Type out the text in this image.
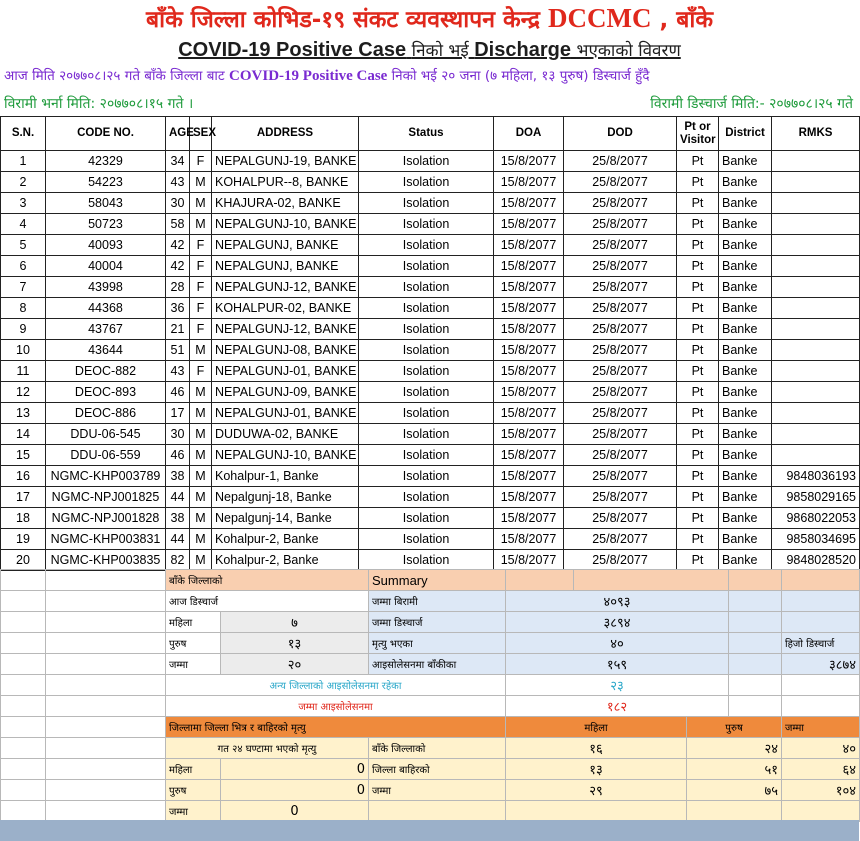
बाँके जिल्ला कोभिड-१९ संकट व्यवस्थापन केन्द्र DCCMC , बाँके
COVID-19 Positive Case निको भई Discharge भएकाको विवरण
आज मिति २०७७०८।२५ गते बाँके जिल्ला बाट COVID-19 Positive Case निको भई २० जना (७ महिला, १३ पुरुष) डिस्चार्ज हुँदै
विरामी भर्ना मिति: २०७७०८।१५ गते ।	विरामी डिस्चार्ज मिति:- २०७७०८।२५ गते
S.N.	CODE NO.	AGE	SEX	ADDRESS	Status	DOA	DOD	Pt or Visitor	District	RMKS
1	42329	34	F	NEPALGUNJ-19, BANKE	Isolation	15/8/2077	25/8/2077	Pt	Banke	
2	54223	43	M	KOHALPUR--8, BANKE	Isolation	15/8/2077	25/8/2077	Pt	Banke	
3	58043	30	M	KHAJURA-02, BANKE	Isolation	15/8/2077	25/8/2077	Pt	Banke	
4	50723	58	M	NEPALGUNJ-10, BANKE	Isolation	15/8/2077	25/8/2077	Pt	Banke	
5	40093	42	F	NEPALGUNJ, BANKE	Isolation	15/8/2077	25/8/2077	Pt	Banke	
6	40004	42	F	NEPALGUNJ, BANKE	Isolation	15/8/2077	25/8/2077	Pt	Banke	
7	43998	28	F	NEPALGUNJ-12, BANKE	Isolation	15/8/2077	25/8/2077	Pt	Banke	
8	44368	36	F	KOHALPUR-02, BANKE	Isolation	15/8/2077	25/8/2077	Pt	Banke	
9	43767	21	F	NEPALGUNJ-12, BANKE	Isolation	15/8/2077	25/8/2077	Pt	Banke	
10	43644	51	M	NEPALGUNJ-08, BANKE	Isolation	15/8/2077	25/8/2077	Pt	Banke	
11	DEOC-882	43	F	NEPALGUNJ-01, BANKE	Isolation	15/8/2077	25/8/2077	Pt	Banke	
12	DEOC-893	46	M	NEPALGUNJ-09, BANKE	Isolation	15/8/2077	25/8/2077	Pt	Banke	
13	DEOC-886	17	M	NEPALGUNJ-01, BANKE	Isolation	15/8/2077	25/8/2077	Pt	Banke	
14	DDU-06-545	30	M	DUDUWA-02, BANKE	Isolation	15/8/2077	25/8/2077	Pt	Banke	
15	DDU-06-559	46	M	NEPALGUNJ-10, BANKE	Isolation	15/8/2077	25/8/2077	Pt	Banke	
16	NGMC-KHP003789	38	M	Kohalpur-1, Banke	Isolation	15/8/2077	25/8/2077	Pt	Banke	9848036193
17	NGMC-NPJ001825	44	M	Nepalgunj-18, Banke	Isolation	15/8/2077	25/8/2077	Pt	Banke	9858029165
18	NGMC-NPJ001828	38	M	Nepalgunj-14, Banke	Isolation	15/8/2077	25/8/2077	Pt	Banke	9868022053
19	NGMC-KHP003831	44	M	Kohalpur-2, Banke	Isolation	15/8/2077	25/8/2077	Pt	Banke	9858034695
20	NGMC-KHP003835	82	M	Kohalpur-2, Banke	Isolation	15/8/2077	25/8/2077	Pt	Banke	9848028520
		बाँके जिल्लाको		Summary					
		आज डिस्चार्ज		जम्मा बिरामी	४०९३				
		महिला	७	जम्मा डिस्चार्ज	३८९४				
		पुरुष	१३	मृत्यु भएका	४०				हिजो डिस्चार्ज
		जम्मा	२०	आइसोलेसनमा बाँकीका	१५९				३८७४
		अन्य जिल्लाको आइसोलेसनमा रहेका			२३				
		जम्मा आइसोलेसनमा			१८२				
		जिल्लामा जिल्ला भित्र र बाहिरको मृत्यु			महिला		पुरुष		जम्मा
		गत २४ घण्टामा भएको मृत्यु		बाँके जिल्लाको	१६		२४		४०
		महिला	0	जिल्ला बाहिरको	१३		५१		६४
		पुरुष	0	जम्मा	२९		७५		१०४
		जम्मा	0						
